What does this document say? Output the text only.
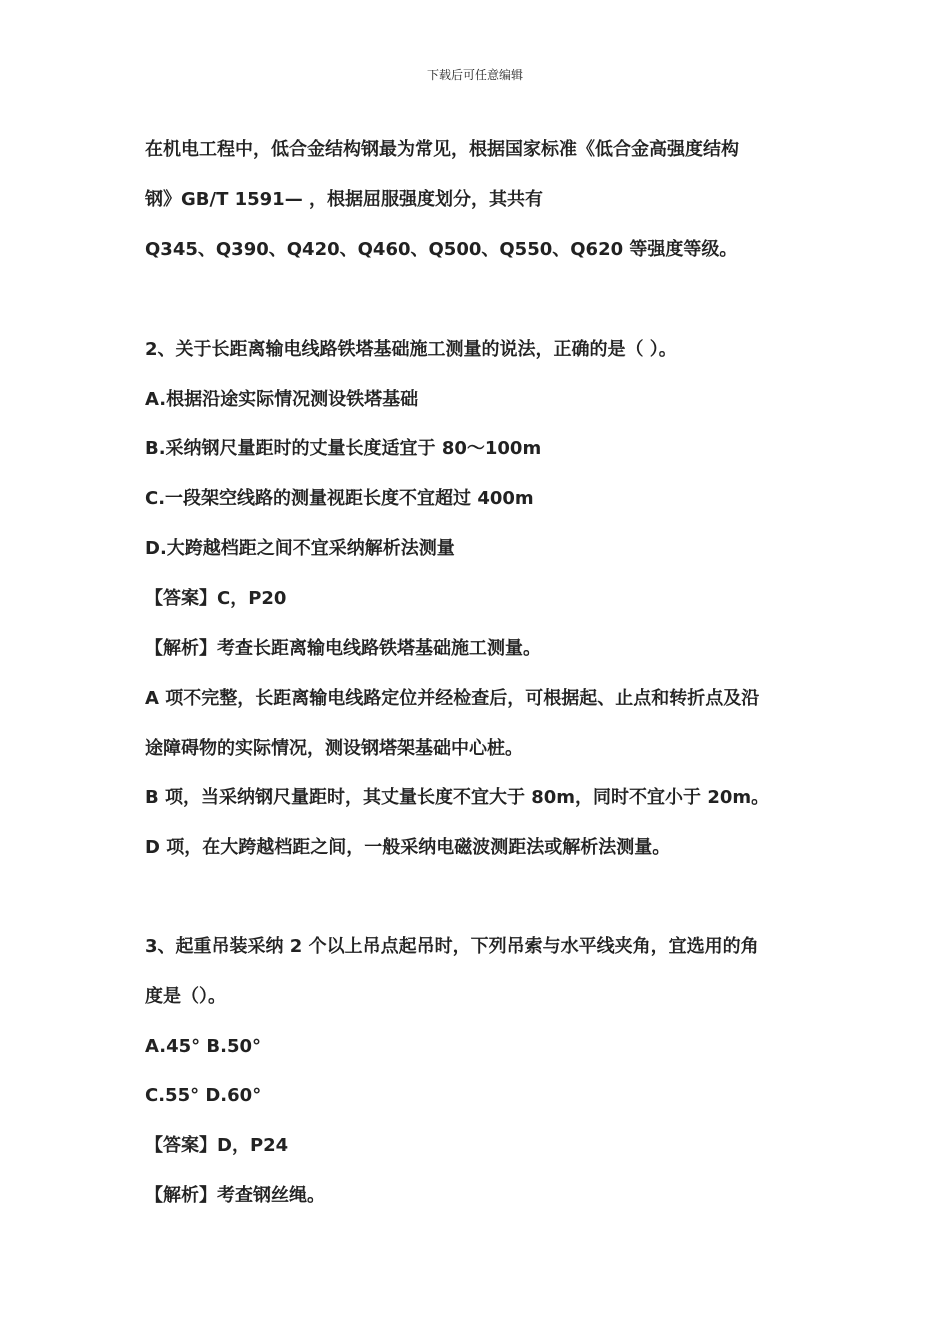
下载后可任意编辑
在机电工程中，低合金结构钢最为常见，根据国家标准《低合金高强度结构
钢》GB/T 1591— ，根据屈服强度划分，其共有
Q345、Q390、Q420、Q460、Q500、Q550、Q620 等强度等级。
2、关于长距离输电线路铁塔基础施工测量的说法，正确的是（ ）。
A.根据沿途实际情况测设铁塔基础
B.采纳钢尺量距时的丈量长度适宜于 80～100m
C.一段架空线路的测量视距长度不宜超过 400m
D.大跨越档距之间不宜采纳解析法测量
【答案】C，P20
【解析】考查长距离输电线路铁塔基础施工测量。
A 项不完整，长距离输电线路定位并经检查后，可根据起、止点和转折点及沿
途障碍物的实际情况，测设钢塔架基础中心桩。
B 项，当采纳钢尺量距时，其丈量长度不宜大于 80m，同时不宜小于 20m。
D 项，在大跨越档距之间，一般采纳电磁波测距法或解析法测量。
3、起重吊装采纳 2 个以上吊点起吊时，下列吊索与水平线夹角，宜选用的角
度是（）。
A.45° B.50°
C.55° D.60°
【答案】D，P24
【解析】考查钢丝绳。
